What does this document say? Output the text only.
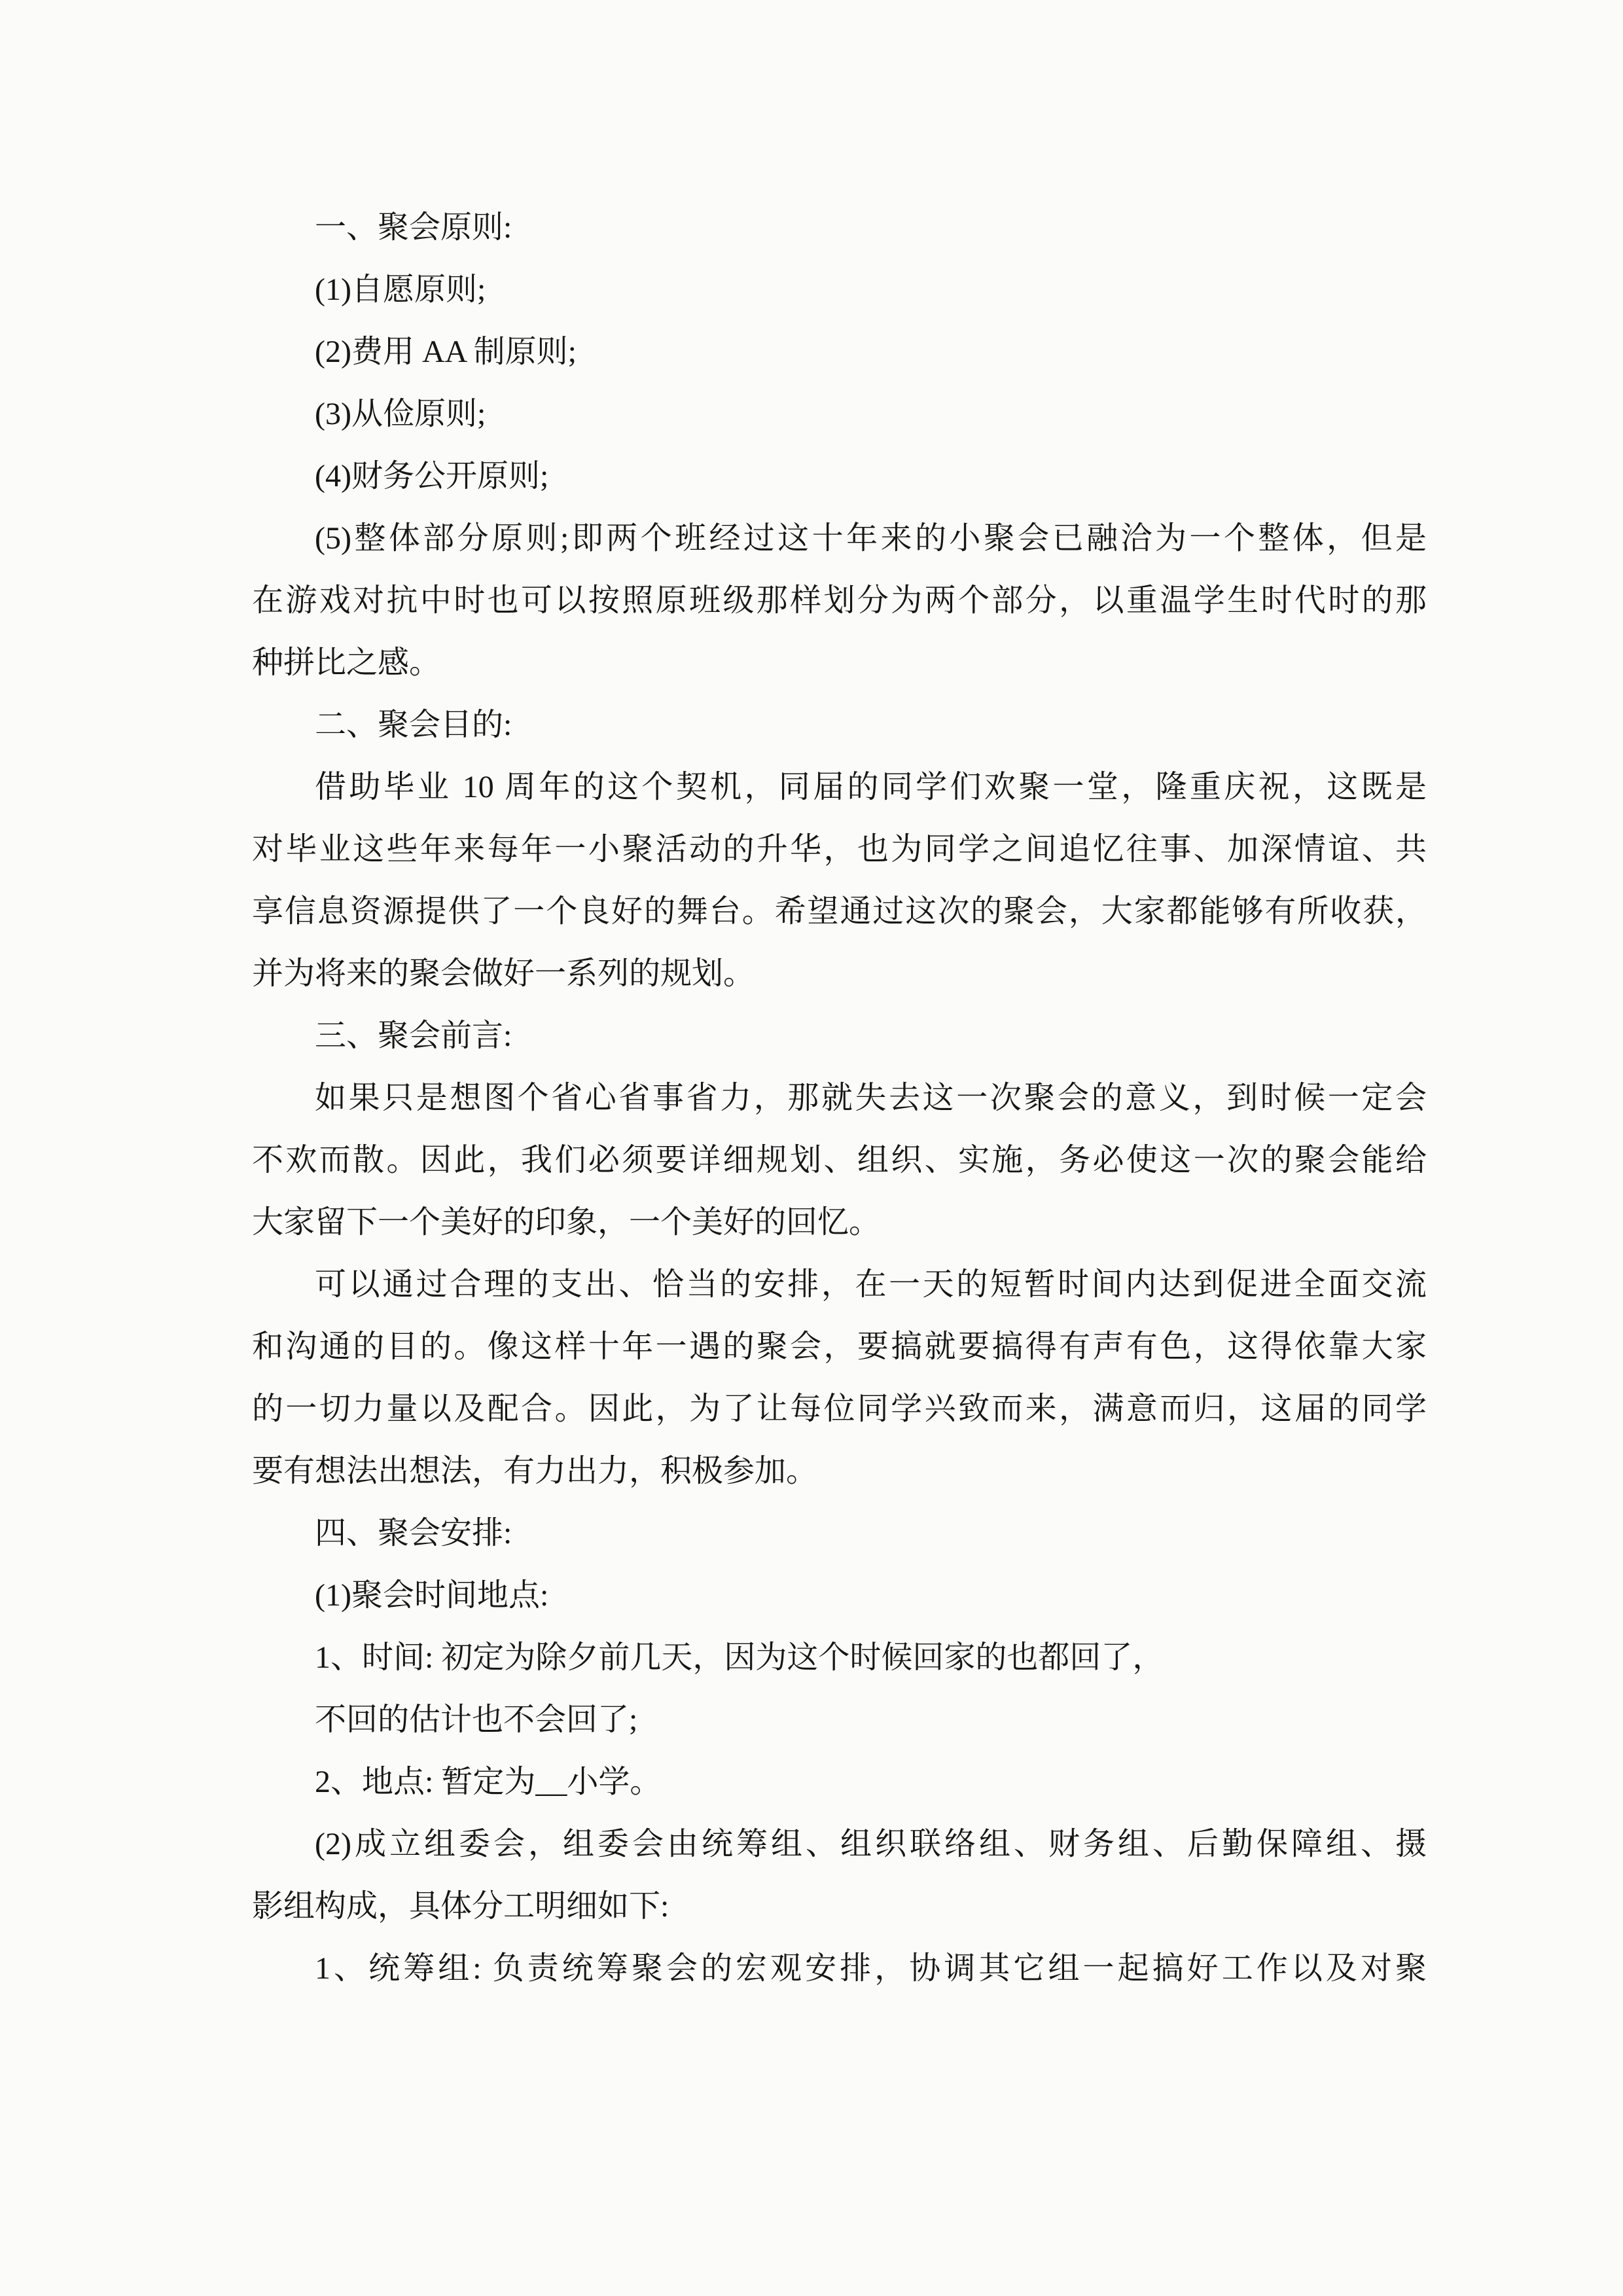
一、聚会原则:

(1)自愿原则;

(2)费用 AA 制原则;

(3)从俭原则;

(4)财务公开原则;

(5)整体部分原则;即两个班经过这十年来的小聚会已融洽为一个整体，但是

在游戏对抗中时也可以按照原班级那样划分为两个部分，以重温学生时代时的那

种拼比之感。

二、聚会目的:

借助毕业 10 周年的这个契机，同届的同学们欢聚一堂，隆重庆祝，这既是

对毕业这些年来每年一小聚活动的升华，也为同学之间追忆往事、加深情谊、共

享信息资源提供了一个良好的舞台。希望通过这次的聚会，大家都能够有所收获，

并为将来的聚会做好一系列的规划。

三、聚会前言:

如果只是想图个省心省事省力，那就失去这一次聚会的意义，到时候一定会

不欢而散。因此，我们必须要详细规划、组织、实施，务必使这一次的聚会能给

大家留下一个美好的印象，一个美好的回忆。

可以通过合理的支出、恰当的安排，在一天的短暂时间内达到促进全面交流

和沟通的目的。像这样十年一遇的聚会，要搞就要搞得有声有色，这得依靠大家

的一切力量以及配合。因此，为了让每位同学兴致而来，满意而归，这届的同学

要有想法出想法，有力出力，积极参加。

四、聚会安排:

(1)聚会时间地点:

1、时间: 初定为除夕前几天，因为这个时候回家的也都回了，

不回的估计也不会回了;

2、地点: 暂定为__小学。

(2)成立组委会，组委会由统筹组、组织联络组、财务组、后勤保障组、摄

影组构成，具体分工明细如下:

1、统筹组: 负责统筹聚会的宏观安排，协调其它组一起搞好工作以及对聚
